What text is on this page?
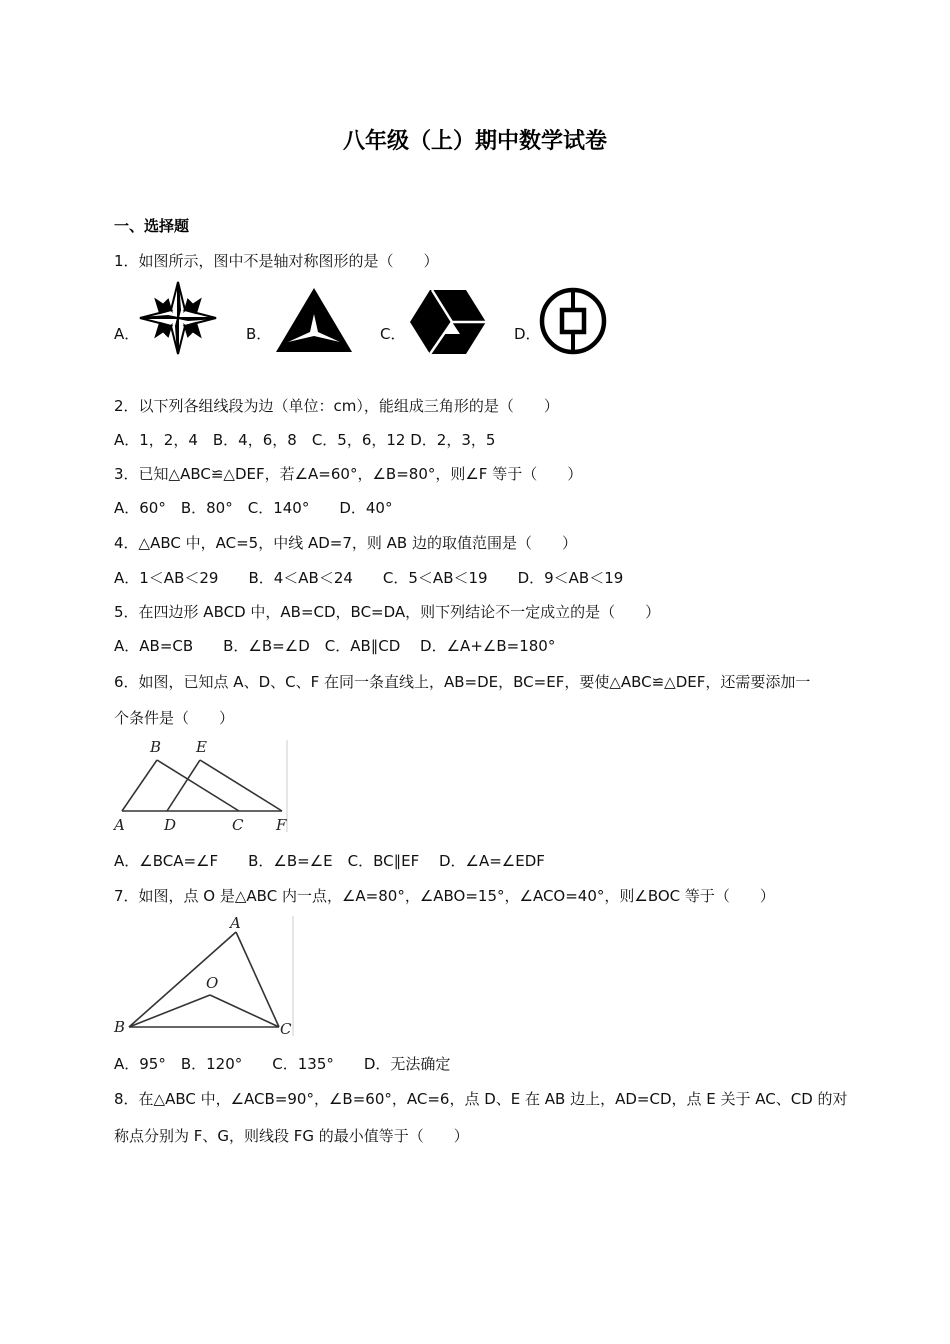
八年级（上）期中数学试卷
一、选择题
1．如图所示，图中不是轴对称图形的是（　　）
A．	B．	C．	D．
2．以下列各组线段为边（单位：cm），能组成三角形的是（　　）
A．1，2，4　B．4，6，8　C．5，6，12 D．2，3，5
3．已知△ABC≌△DEF，若∠A=60°，∠B=80°，则∠F 等于（　　）
A．60°　B．80°　C．140°　　D．40°
4．△ABC 中，AC=5，中线 AD=7，则 AB 边的取值范围是（　　）
A．1＜AB＜29　　B．4＜AB＜24　　C．5＜AB＜19　　D．9＜AB＜19
5．在四边形 ABCD 中，AB=CD，BC=DA，则下列结论不一定成立的是（　　）
A．AB=CB　　B．∠B=∠D　C．AB∥CD　 D．∠A+∠B=180°
6．如图，已知点 A、D、C、F 在同一条直线上，AB=DE，BC=EF，要使△ABC≌△DEF，还需要添加一
个条件是（　　）
B E
A	D	C F
A．∠BCA=∠F　　B．∠B=∠E　C．BC∥EF　 D．∠A=∠EDF
7．如图，点 O 是△ABC 内一点，∠A=80°，∠ABO=15°，∠ACO=40°，则∠BOC 等于（　　）
A
O
B	C
A．95°　B．120°　　C．135°　　D．无法确定
8．在△ABC 中，∠ACB=90°，∠B=60°，AC=6，点 D、E 在 AB 边上，AD=CD，点 E 关于 AC、CD 的对
称点分别为 F、G，则线段 FG 的最小值等于（　　）
